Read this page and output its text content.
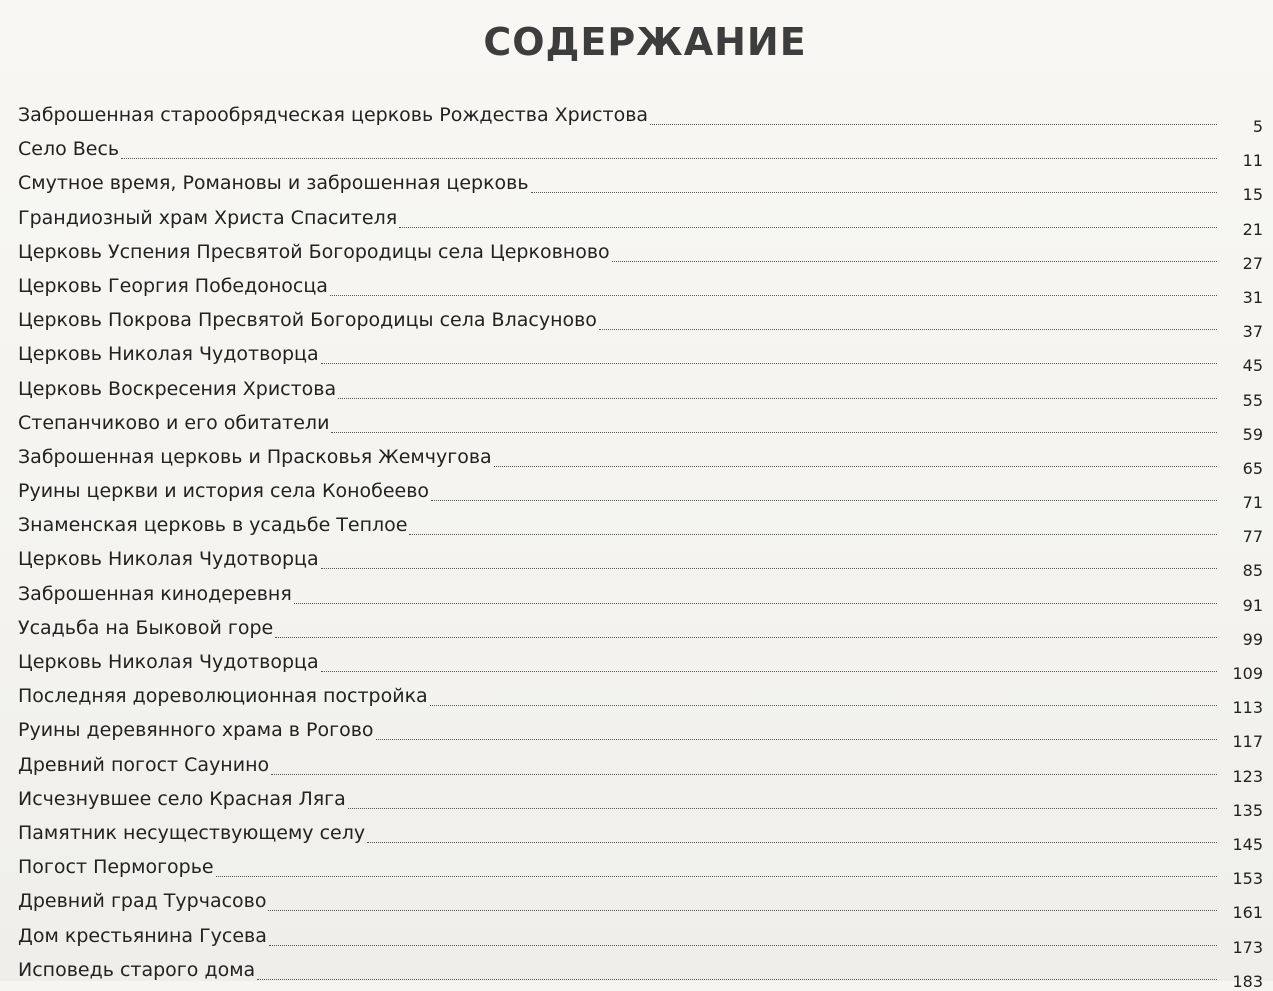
СОДЕРЖАНИЕ
Заброшенная старообрядческая церковь Рождества Христова
5
Село Весь
11
Смутное время, Романовы и заброшенная церковь
15
Грандиозный храм Христа Спасителя
21
Церковь Успения Пресвятой Богородицы села Церковново
27
Церковь Георгия Победоносца
31
Церковь Покрова Пресвятой Богородицы села Власуново
37
Церковь Николая Чудотворца
45
Церковь Воскресения Христова
55
Степанчиково и его обитатели
59
Заброшенная церковь и Прасковья Жемчугова
65
Руины церкви и история села Конобеево
71
Знаменская церковь в усадьбе Теплое
77
Церковь Николая Чудотворца
85
Заброшенная кинодеревня
91
Усадьба на Быковой горе
99
Церковь Николая Чудотворца
109
Последняя дореволюционная постройка
113
Руины деревянного храма в Рогово
117
Древний погост Саунино
123
Исчезнувшее село Красная Ляга
135
Памятник несуществующему селу
145
Погост Пермогорье
153
Древний град Турчасово
161
Дом крестьянина Гусева
173
Исповедь старого дома
183
